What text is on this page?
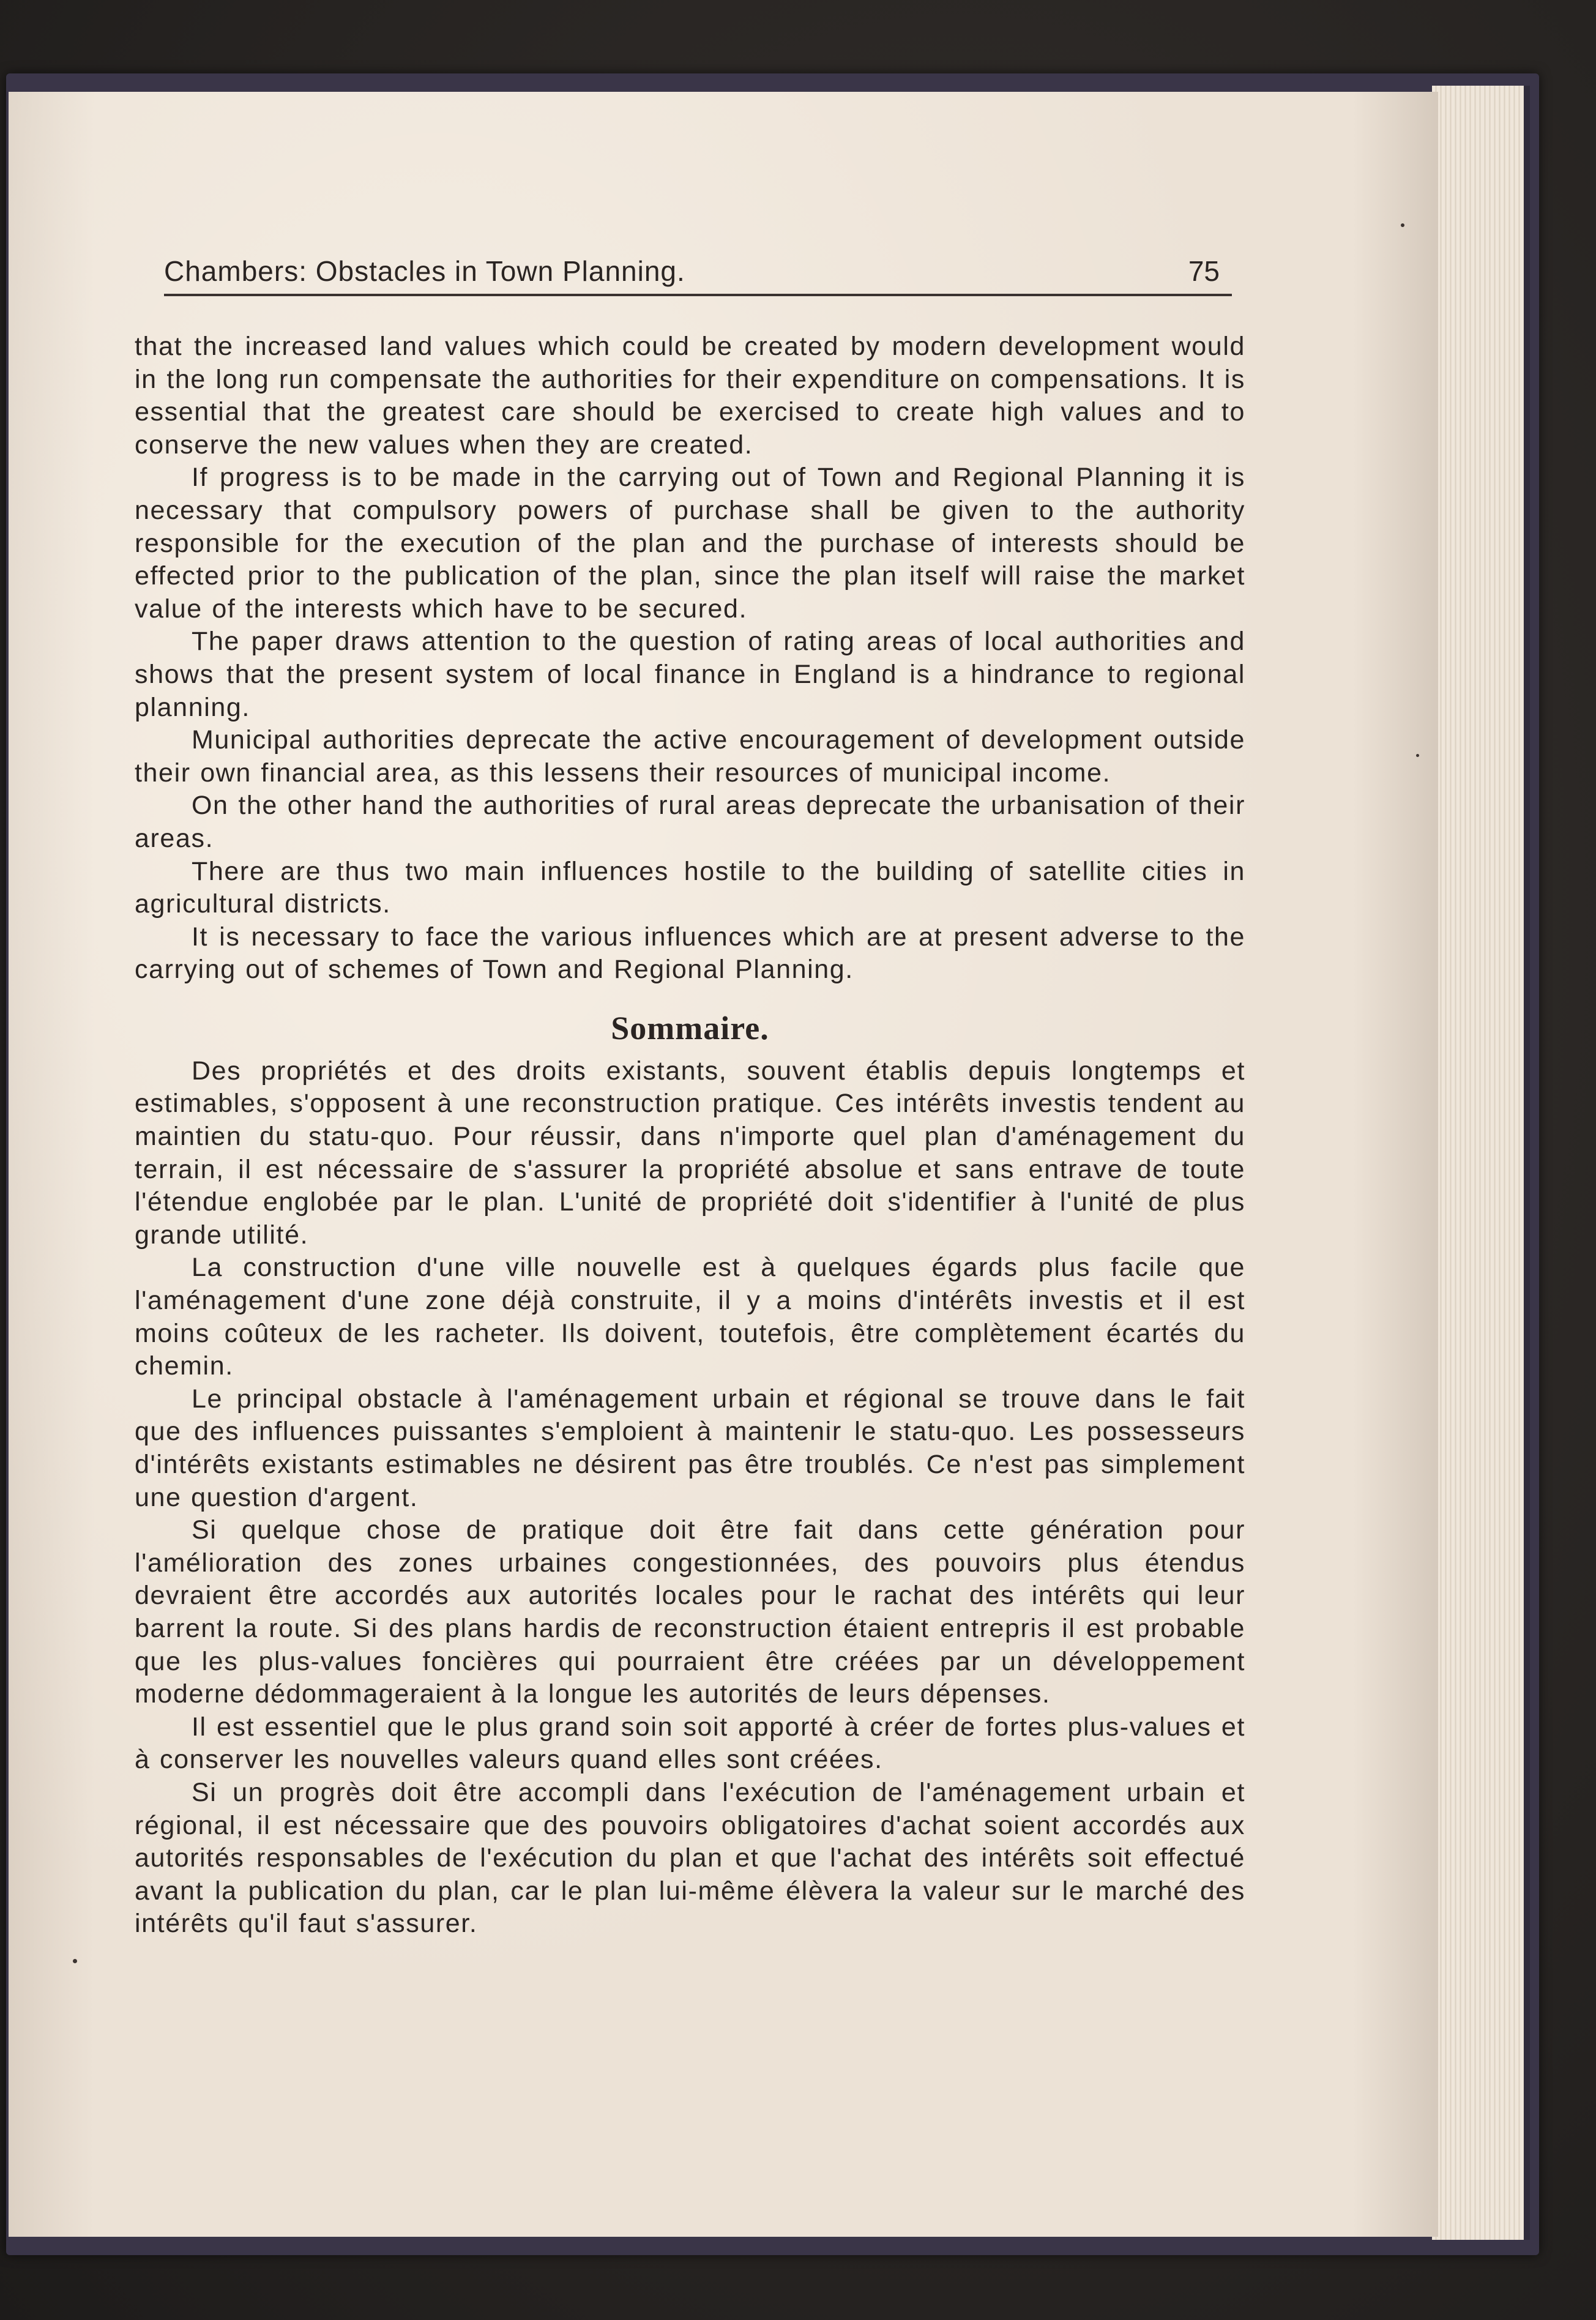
Chambers: Obstacles in Town Planning.	75

that the increased land values which could be created by modern development would in the long run compensate the authorities for their expenditure on compensations. It is essential that the greatest care should be exercised to create high values and to conserve the new values when they are created.

If progress is to be made in the carrying out of Town and Regional Planning it is necessary that compulsory powers of purchase shall be given to the authority responsible for the execution of the plan and the purchase of interests should be effected prior to the publication of the plan, since the plan itself will raise the market value of the interests which have to be secured.

The paper draws attention to the question of rating areas of local authorities and shows that the present system of local finance in England is a hindrance to regional planning.

Municipal authorities deprecate the active encouragement of development outside their own financial area, as this lessens their resources of municipal income.

On the other hand the authorities of rural areas deprecate the urbanisation of their areas.

There are thus two main influences hostile to the building of satellite cities in agricultural districts.

It is necessary to face the various influences which are at present adverse to the carrying out of schemes of Town and Regional Planning.

Sommaire.

Des propriétés et des droits existants, souvent établis depuis longtemps et estimables, s'opposent à une reconstruction pratique. Ces intérêts investis tendent au maintien du statu-quo. Pour réussir, dans n'importe quel plan d'aménagement du terrain, il est nécessaire de s'assurer la propriété absolue et sans entrave de toute l'étendue englobée par le plan. L'unité de propriété doit s'identifier à l'unité de plus grande utilité.

La construction d'une ville nouvelle est à quelques égards plus facile que l'aménagement d'une zone déjà construite, il y a moins d'intérêts investis et il est moins coûteux de les racheter. Ils doivent, toutefois, être complètement écartés du chemin.

Le principal obstacle à l'aménagement urbain et régional se trouve dans le fait que des influences puissantes s'emploient à maintenir le statu-quo. Les possesseurs d'intérêts existants estimables ne désirent pas être troublés. Ce n'est pas simplement une question d'argent.

Si quelque chose de pratique doit être fait dans cette génération pour l'amélioration des zones urbaines congestionnées, des pouvoirs plus étendus devraient être accordés aux autorités locales pour le rachat des intérêts qui leur barrent la route. Si des plans hardis de reconstruction étaient entrepris il est probable que les plus-values foncières qui pourraient être créées par un développement moderne dédommageraient à la longue les autorités de leurs dépenses.

Il est essentiel que le plus grand soin soit apporté à créer de fortes plus-values et à conserver les nouvelles valeurs quand elles sont créées.

Si un progrès doit être accompli dans l'exécution de l'aménagement urbain et régional, il est nécessaire que des pouvoirs obligatoires d'achat soient accordés aux autorités responsables de l'exécution du plan et que l'achat des intérêts soit effectué avant la publication du plan, car le plan lui-même élèvera la valeur sur le marché des intérêts qu'il faut s'assurer.
